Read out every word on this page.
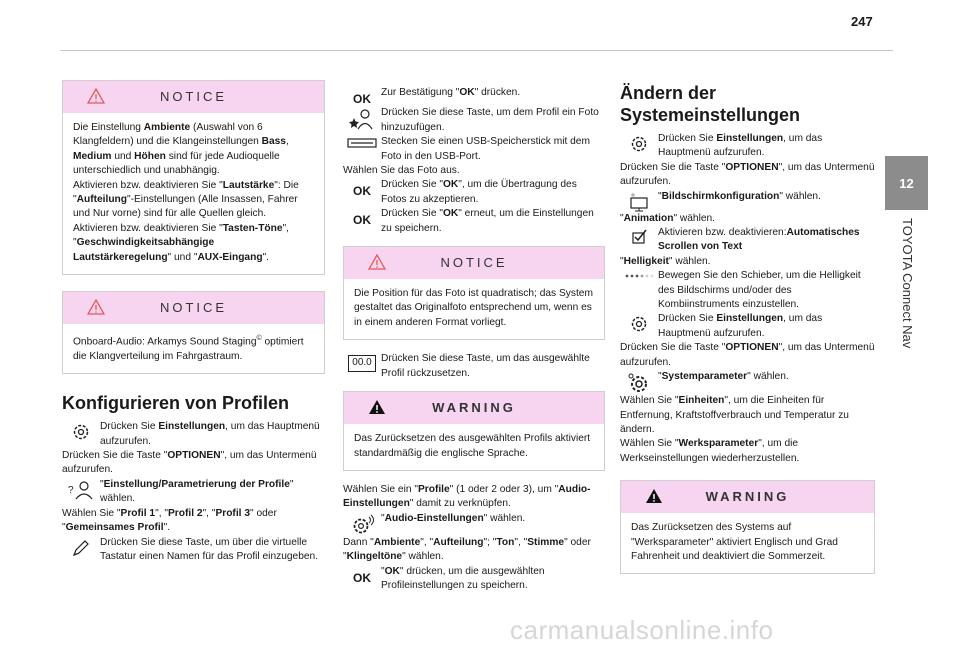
247
12
TOYOTA Connect Nav
NOTICE

Die Einstellung Ambiente (Auswahl von 6 Klangfeldern) und die Klangeinstellungen Bass, Medium und Höhen sind für jede Audioquelle unterschiedlich und unabhängig.

Aktivieren bzw. deaktivieren Sie "Lautstärke": Die "Aufteilung"-Einstellungen (Alle Insassen, Fahrer und Nur vorne) sind für alle Quellen gleich.

Aktivieren bzw. deaktivieren Sie "Tasten-Töne", "Geschwindigkeitsabhängige Lautstärkeregelung" und "AUX-Eingang".

NOTICE

Onboard-Audio: Arkamys Sound Staging© optimiert die Klangverteilung im Fahrgastraum.

Konfigurieren von Profilen
Drücken Sie Einstellungen, um das Hauptmenü aufzurufen.
Drücken Sie die Taste "OPTIONEN", um das Untermenü aufzurufen.
?
"Einstellung/Parametrierung der Profile" wählen.
Wählen Sie "Profil 1", "Profil 2", "Profil 3" oder "Gemeinsames Profil".
Drücken Sie diese Taste, um über die virtuelle Tastatur einen Namen für das Profil einzugeben.
OK Zur Bestätigung "OK" drücken.
Drücken Sie diese Taste, um dem Profil ein Foto hinzuzufügen.
Stecken Sie einen USB-Speicherstick mit dem Foto in den USB-Port.
Wählen Sie das Foto aus.
OK Drücken Sie "OK", um die Übertragung des Fotos zu akzeptieren.
OK Drücken Sie "OK" erneut, um die Einstellungen zu speichern.
NOTICE

Die Position für das Foto ist quadratisch; das System gestaltet das Originalfoto entsprechend um, wenn es in einem anderen Format vorliegt.

00.0 Drücken Sie diese Taste, um das ausgewählte Profil rückzusetzen.
WARNING

Das Zurücksetzen des ausgewählten Profils aktiviert standardmäßig die englische Sprache.

Wählen Sie ein "Profile" (1 oder 2 oder 3), um "Audio-Einstellungen" damit zu verknüpfen.
"Audio-Einstellungen" wählen.
Dann "Ambiente", "Aufteilung"; "Ton", "Stimme" oder "Klingeltöne" wählen.
OK "OK" drücken, um die ausgewählten Profileinstellungen zu speichern.
Ändern der Systemeinstellungen
Drücken Sie Einstellungen, um das Hauptmenü aufzurufen.
Drücken Sie die Taste "OPTIONEN", um das Untermenü aufzurufen.
"Bildschirmkonfiguration" wählen.
"Animation" wählen.
Aktivieren bzw. deaktivieren:Automatisches Scrollen von Text
"Helligkeit" wählen.
Bewegen Sie den Schieber, um die Helligkeit des Bildschirms und/oder des Kombiinstruments einzustellen.
Drücken Sie Einstellungen, um das Hauptmenü aufzurufen.
Drücken Sie die Taste "OPTIONEN", um das Untermenü aufzurufen.
"Systemparameter" wählen.
Wählen Sie "Einheiten", um die Einheiten für Entfernung, Kraftstoffverbrauch und Temperatur zu ändern.
Wählen Sie "Werksparameter", um die Werkseinstellungen wiederherzustellen.
WARNING

Das Zurücksetzen des Systems auf "Werksparameter" aktiviert Englisch und Grad Fahrenheit und deaktiviert die Sommerzeit.

carmanualsonline.info
